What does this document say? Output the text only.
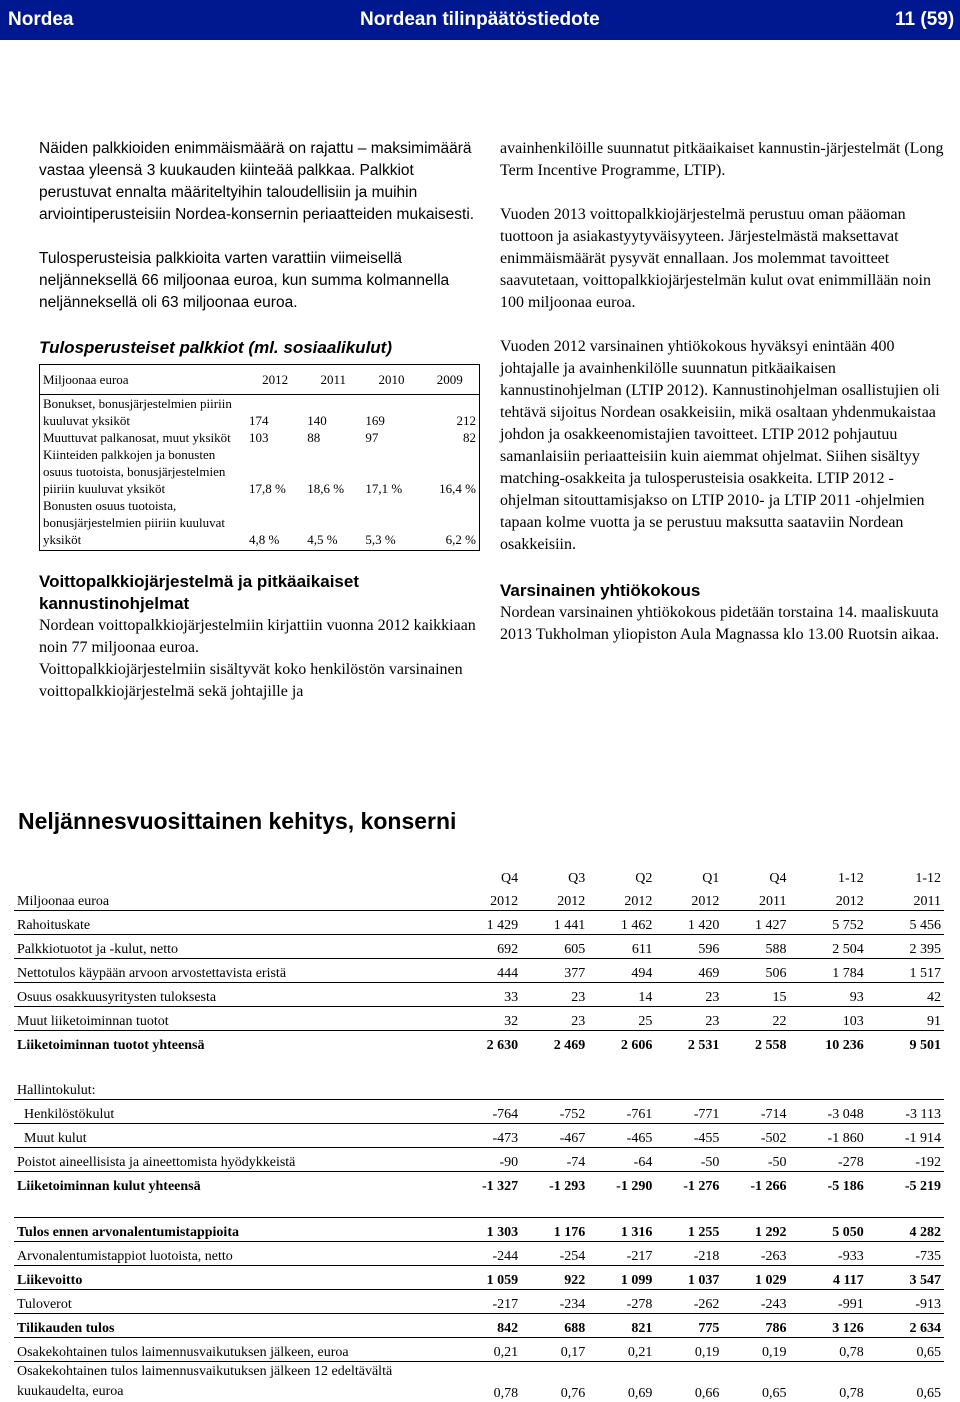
Nordea	Nordean tilinpäätöstiedote	11 (59)

Näiden palkkioiden enimmäismäärä on rajattu – maksimimäärä vastaa yleensä 3 kuukauden kiinteää palkkaa. Palkkiot perustuvat ennalta määriteltyihin taloudellisiin ja muihin arviointiperusteisiin Nordea-konsernin periaatteiden mukaisesti.

Tulosperusteisia palkkioita varten varattiin viimeisellä neljänneksellä 66 miljoonaa euroa, kun summa kolmannella neljänneksellä oli 63 miljoonaa euroa.

Tulosperusteiset palkkiot (ml. sosiaalikulut)
Miljoonaa euroa	2012	2011	2010	2009
Bonukset, bonusjärjestelmien piiriin kuuluvat yksiköt	174	140	169	212
Muuttuvat palkanosat, muut yksiköt	103	88	97	82
Kiinteiden palkkojen ja bonusten osuus tuotoista, bonusjärjestelmien piiriin kuuluvat yksiköt	17,8 %	18,6 %	17,1 %	16,4 %
Bonusten osuus tuotoista, bonusjärjestelmien piiriin kuuluvat yksiköt	4,8 %	4,5 %	5,3 %	6,2 %
Voittopalkkiojärjestelmä ja pitkäaikaiset kannustinohjelmat

Nordean voittopalkkiojärjestelmiin kirjattiin vuonna 2012 kaikkiaan noin 77 miljoonaa euroa.

Voittopalkkiojärjestelmiin sisältyvät koko henkilöstön varsinainen voittopalkkiojärjestelmä sekä johtajille ja

avainhenkilöille suunnatut pitkäaikaiset kannustin-järjestelmät (Long Term Incentive Programme, LTIP).

Vuoden 2013 voittopalkkiojärjestelmä perustuu oman pääoman tuottoon ja asiakastyytyväisyyteen. Järjestelmästä maksettavat enimmäismäärät pysyvät ennallaan. Jos molemmat tavoitteet saavutetaan, voittopalkkiojärjestelmän kulut ovat enimmillään noin 100 miljoonaa euroa.

Vuoden 2012 varsinainen yhtiökokous hyväksyi enintään 400 johtajalle ja avainhenkilölle suunnatun pitkäaikaisen kannustinohjelman (LTIP 2012). Kannustinohjelman osallistujien oli tehtävä sijoitus Nordean osakkeisiin, mikä osaltaan yhdenmukaistaa johdon ja osakkeenomistajien tavoitteet. LTIP 2012 pohjautuu samanlaisiin periaatteisiin kuin aiemmat ohjelmat. Siihen sisältyy matching-osakkeita ja tulosperusteisia osakkeita. LTIP 2012 -ohjelman sitouttamisjakso on LTIP 2010- ja LTIP 2011 -ohjelmien tapaan kolme vuotta ja se perustuu maksutta saataviin Nordean osakkeisiin.

Varsinainen yhtiökokous

Nordean varsinainen yhtiökokous pidetään torstaina 14. maaliskuuta 2013 Tukholman yliopiston Aula Magnassa klo 13.00 Ruotsin aikaa.

Neljännesvuosittainen kehitys, konserni
	Q4	Q3	Q2	Q1	Q4	1-12	1-12
Miljoonaa euroa	2012	2012	2012	2012	2011	2012	2011
Rahoituskate	1 429	1 441	1 462	1 420	1 427	5 752	5 456
Palkkiotuotot ja -kulut, netto	692	605	611	596	588	2 504	2 395
Nettotulos käypään arvoon arvostettavista eristä	444	377	494	469	506	1 784	1 517
Osuus osakkuusyritysten tuloksesta	33	23	14	23	15	93	42
Muut liiketoiminnan tuotot	32	23	25	23	22	103	91
Liiketoiminnan tuotot yhteensä	2 630	2 469	2 606	2 531	2 558	10 236	9 501

Hallintokulut:							
Henkilöstökulut	-764	-752	-761	-771	-714	-3 048	-3 113
Muut kulut	-473	-467	-465	-455	-502	-1 860	-1 914
Poistot aineellisista ja aineettomista hyödykkeistä	-90	-74	-64	-50	-50	-278	-192
Liiketoiminnan kulut yhteensä	-1 327	-1 293	-1 290	-1 276	-1 266	-5 186	-5 219

Tulos ennen arvonalentumistappioita	1 303	1 176	1 316	1 255	1 292	5 050	4 282
Arvonalentumistappiot luotoista, netto	-244	-254	-217	-218	-263	-933	-735
Liikevoitto	1 059	922	1 099	1 037	1 029	4 117	3 547
Tuloverot	-217	-234	-278	-262	-243	-991	-913
Tilikauden tulos	842	688	821	775	786	3 126	2 634
Osakekohtainen tulos laimennusvaikutuksen jälkeen, euroa	0,21	0,17	0,21	0,19	0,19	0,78	0,65
Osakekohtainen tulos laimennusvaikutuksen jälkeen 12 edeltävältä kuukaudelta, euroa	0,78	0,76	0,69	0,66	0,65	0,78	0,65
